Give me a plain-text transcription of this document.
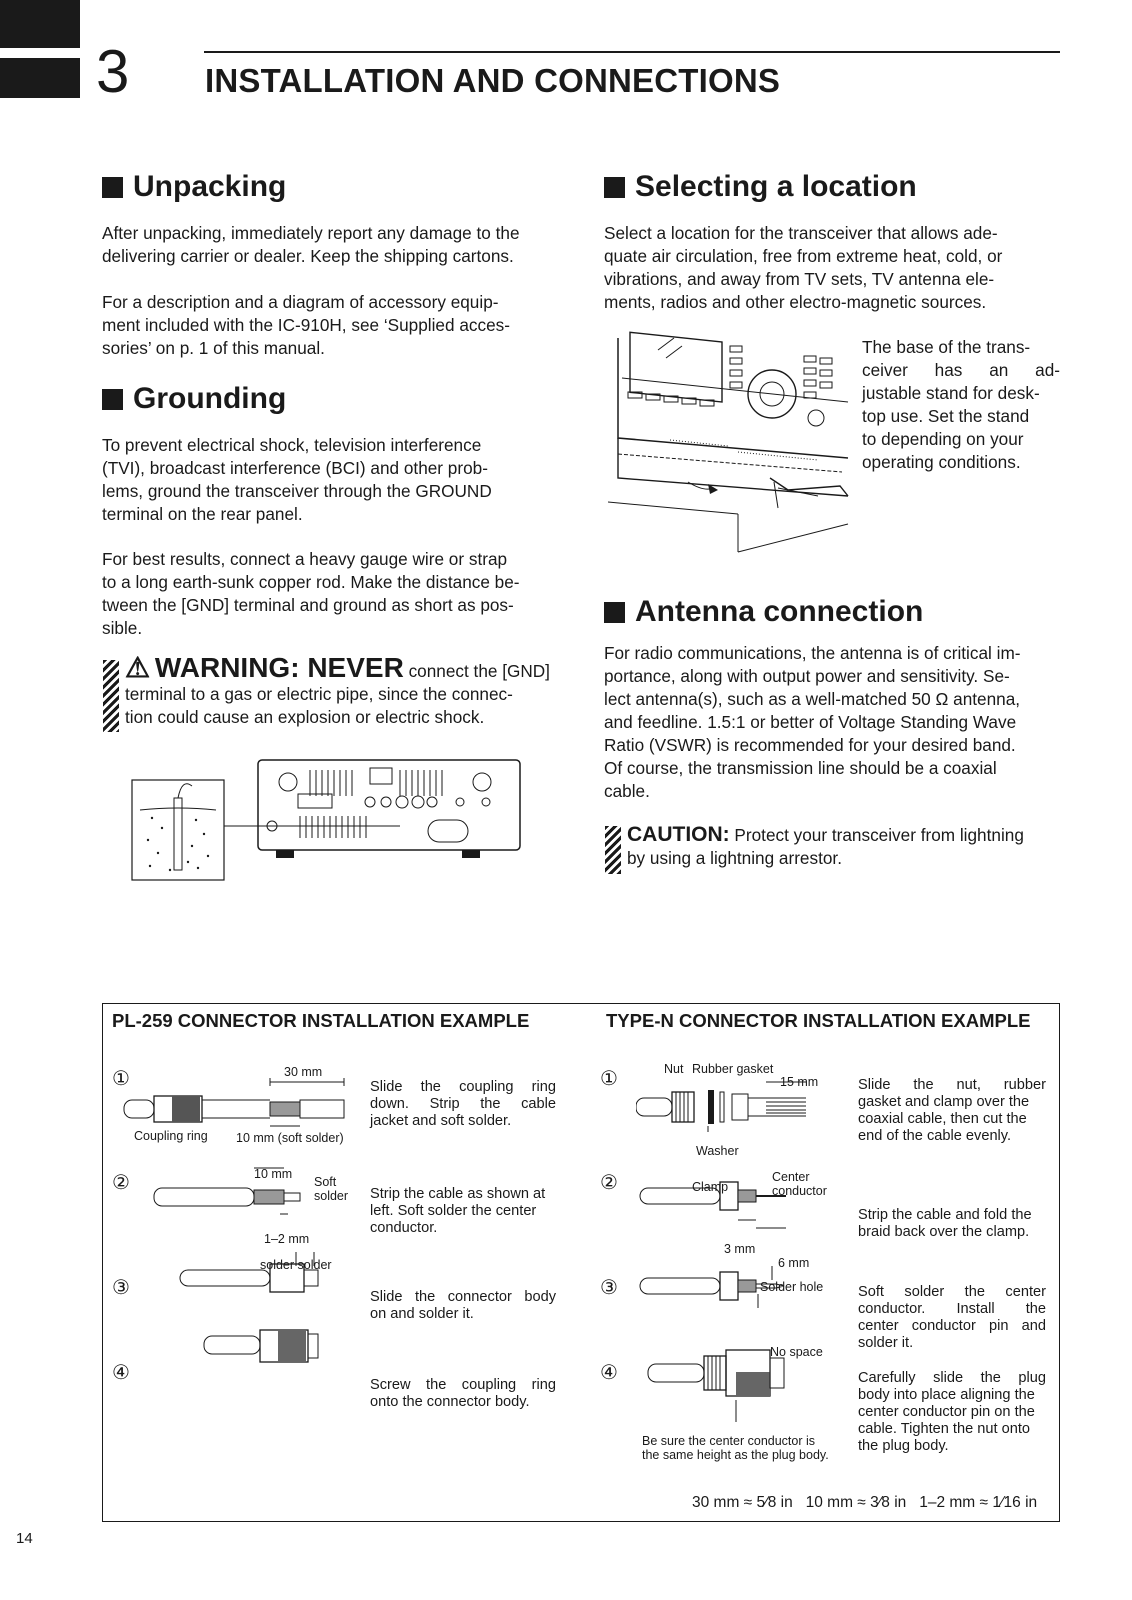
3 INSTALLATION AND CONNECTIONS
Unpacking
After unpacking, immediately report any damage to the
delivering carrier or dealer. Keep the shipping cartons.
For a description and a diagram of accessory equip-
ment included with the IC-910H, see ‘Supplied acces-
sories’ on p. 1 of this manual.
Grounding
To prevent electrical shock, television interference
(TVI), broadcast interference (BCI) and other prob-
lems, ground the transceiver through the GROUND
terminal on the rear panel.
For best results, connect a heavy gauge wire or strap
to a long earth-sunk copper rod. Make the distance be-
tween the [GND] terminal and ground as short as pos-
sible.
⚠ WARNING: NEVER connect the [GND]
terminal to a gas or electric pipe, since the connec-
tion could cause an explosion or electric shock.
Selecting a location
Select a location for the transceiver that allows ade-
quate air circulation, free from extreme heat, cold, or
vibrations, and away from TV sets, TV antenna ele-
ments, radios and other electro-magnetic sources.
The base of the trans-
ceiver has an ad-
justable stand for desk-
top use. Set the stand
to depending on your
operating conditions.
Antenna connection
For radio communications, the antenna is of critical im-
portance, along with output power and sensitivity. Se-
lect antenna(s), such as a well-matched 50 Ω antenna,
and feedline. 1.5:1 or better of Voltage Standing Wave
Ratio (VSWR) is recommended for your desired band.
Of course, the transmission line should be a coaxial
cable.
CAUTION: Protect your transceiver from lightning
by using a lightning arrestor.
PL-259 CONNECTOR INSTALLATION EXAMPLE	TYPE-N CONNECTOR INSTALLATION EXAMPLE
①
②
③
④
Coupling ring 10 mm (soft solder)
30 mm
10 mm
Soft
solder
1–2 mm
solder solder
Slide the coupling ring
down. Strip the cable
jacket and soft solder.
Strip the cable as shown at
left. Soft solder the center
conductor.
Slide the connector body
on and solder it.
Screw the coupling ring
onto the connector body.
①
②
③
④
Nut Rubber gasket
15 mm
Washer
Clamp
Center
conductor
3 mm
6 mm
Solder hole
No space
Be sure the center conductor is
the same height as the plug body.
Slide the nut, rubber
gasket and clamp over the
coaxial cable, then cut the
end of the cable evenly.
Strip the cable and fold the
braid back over the clamp.
Soft solder the center
conductor. Install the
center conductor pin and
solder it.
Carefully slide the plug
body into place aligning the
center conductor pin on the
cable. Tighten the nut onto
the plug body.
30 mm ≈ 5⁄8 in   10 mm ≈ 3⁄8 in   1–2 mm ≈ 1⁄16 in
14
